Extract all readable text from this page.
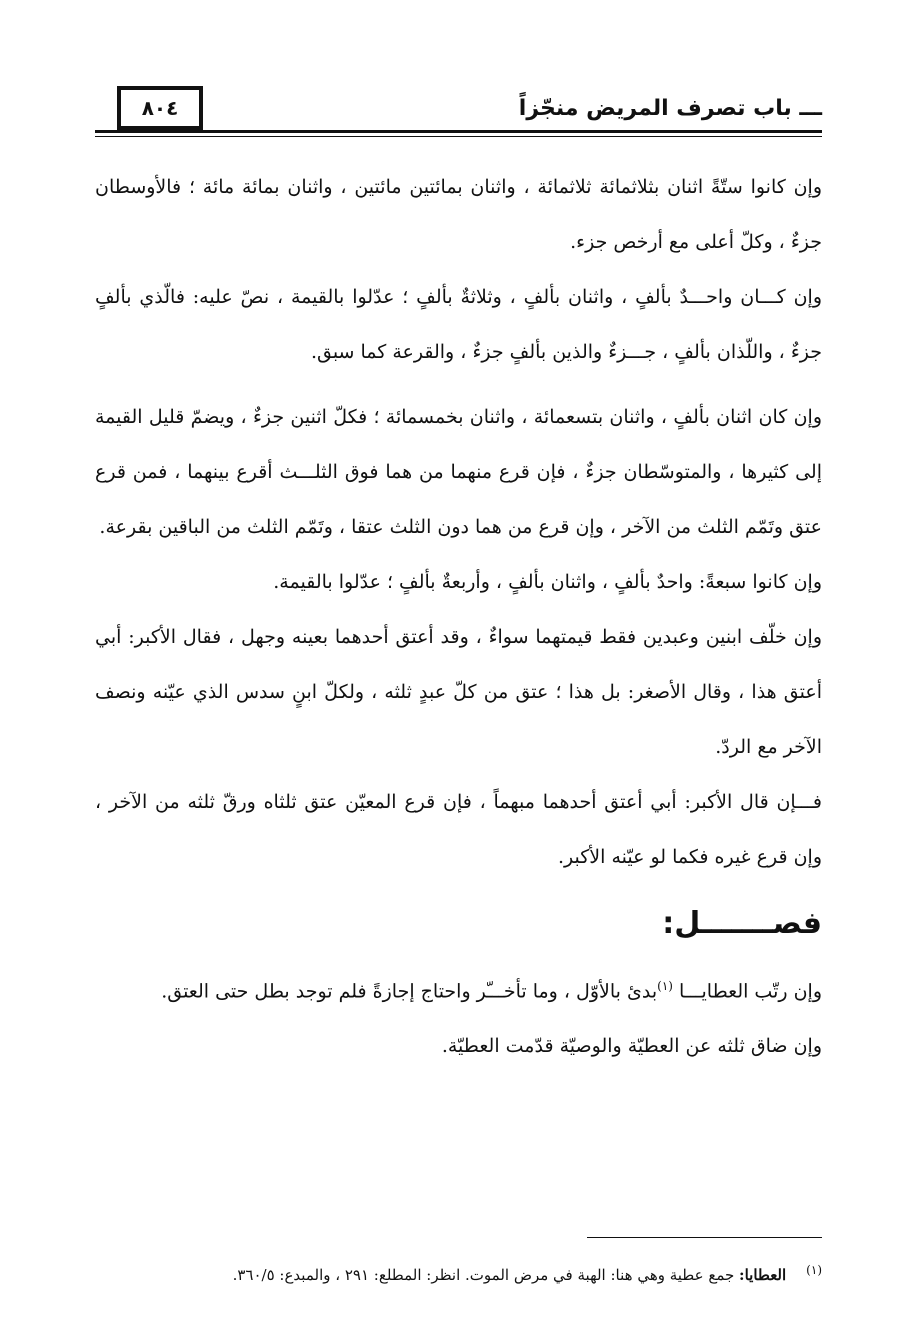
٨٠٤	ـــ باب تصرف المريض منجّزاً

وإن كانوا ستّةً اثنان بثلاثمائة ثلاثمائة ، واثنان بمائتين مائتين ، واثنان بمائة مائة ؛ فالأوسطان جزءٌ ، وكلّ أعلى مع أرخص جزء.

وإن كـــان واحـــدٌ بألفٍ ، واثنان بألفٍ ، وثلاثةٌ بألفٍ ؛ عدّلوا بالقيمة ، نصّ عليه: فالّذي بألفٍ جزءٌ ، واللّذان بألفٍ ، جـــزءٌ والذين بألفٍ جزءٌ ، والقرعة كما سبق.

وإن كان اثنان بألفٍ ، واثنان بتسعمائة ، واثنان بخمسمائة ؛ فكلّ اثنين جزءٌ ، ويضمّ قليل القيمة إلى كثيرها ، والمتوسّطان جزءٌ ، فإن قرع منهما من هما فوق الثلـــث أقرع بينهما ، فمن قرع عتق وتَمّم الثلث من الآخر ، وإن قرع من هما دون الثلث عتقا ، وتَمّم الثلث من الباقين بقرعة.

وإن كانوا سبعةً: واحدٌ بألفٍ ، واثنان بألفٍ ، وأربعةٌ بألفٍ ؛ عدّلوا بالقيمة.

وإن خلّف ابنين وعبدين فقط قيمتهما سواءٌ ، وقد أعتق أحدهما بعينه وجهل ، فقال الأكبر: أبي أعتق هذا ، وقال الأصغر: بل هذا ؛ عتق من كلّ عبدٍ ثلثه ، ولكلّ ابنٍ سدس الذي عيّنه ونصف الآخر مع الردّ.

فـــإن قال الأكبر: أبي أعتق أحدهما مبهماً ، فإن قرع المعيّن عتق ثلثاه ورقّ ثلثه من الآخر ، وإن قرع غيره فكما لو عيّنه الأكبر.

فصـــــــل:

وإن رتّب العطايـــا $^{(١)}$بدئ بالأوّل ، وما تأخـــّر واحتاج إجازةً فلم توجد بطل حتى العتق.

وإن ضاق ثلثه عن العطيّة والوصيّة قدّمت العطيّة.

$^{(١)}$العطايا: جمع عطية وهي هنا: الهبة في مرض الموت. انظر: المطلع: ٢٩١ ، والمبدع: ٣٦٠/٥.
